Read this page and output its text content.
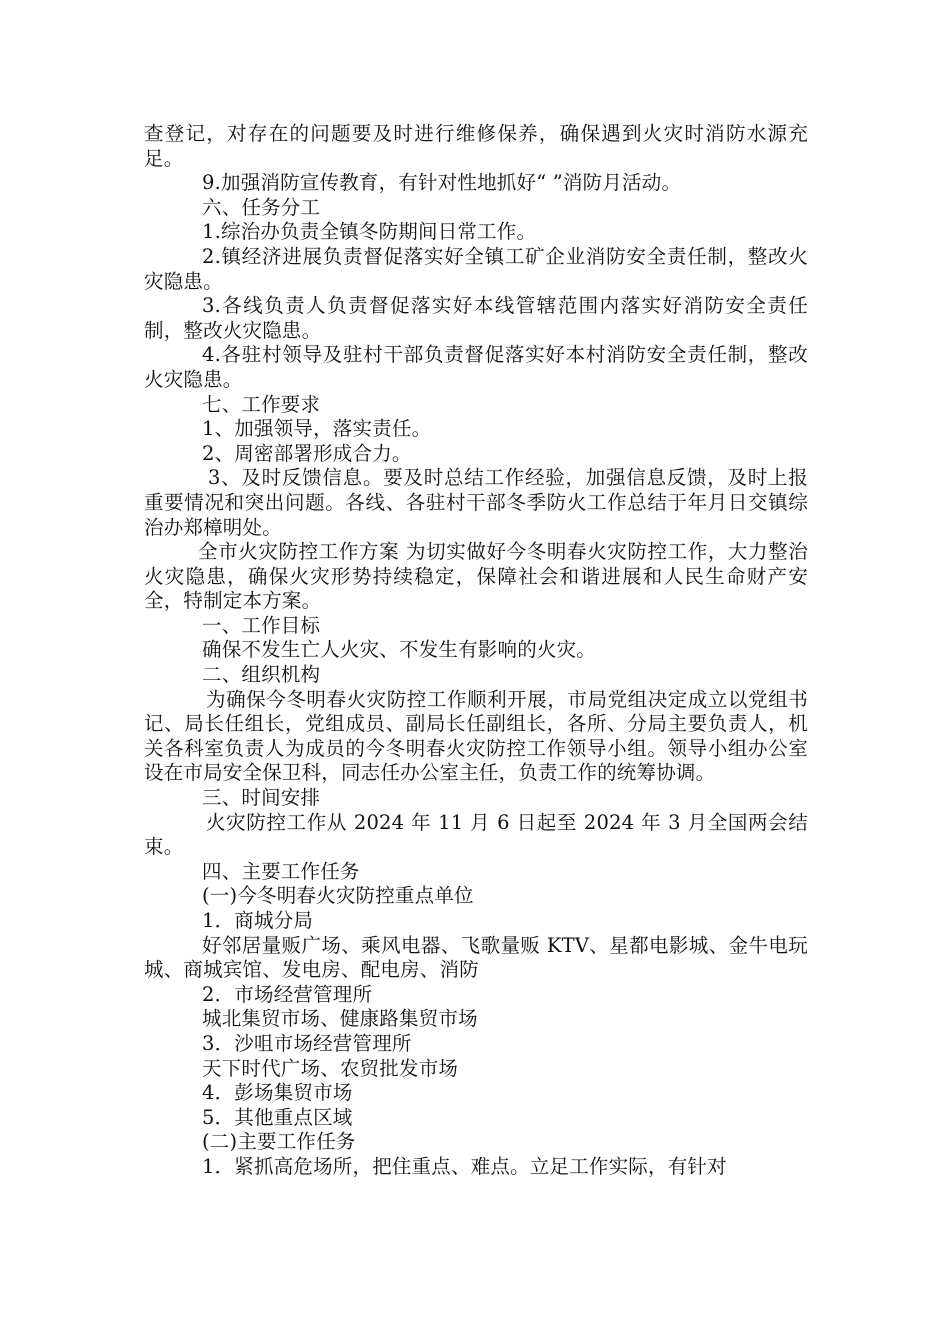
查登记，对存在的问题要及时进行维修保养，确保遇到火灾时消防水源充足。

9.加强消防宣传教育，有针对性地抓好“ ”消防月活动。

六、任务分工

1.综治办负责全镇冬防期间日常工作。

2.镇经济进展负责督促落实好全镇工矿企业消防安全责任制，整改火灾隐患。

3.各线负责人负责督促落实好本线管辖范围内落实好消防安全责任制，整改火灾隐患。

4.各驻村领导及驻村干部负责督促落实好本村消防安全责任制，整改火灾隐患。

七、工作要求

1、加强领导，落实责任。

2、周密部署形成合力。

3、及时反馈信息。要及时总结工作经验，加强信息反馈，及时上报重要情况和突出问题。各线、各驻村干部冬季防火工作总结于年月日交镇综治办郑樟明处。

全市火灾防控工作方案 为切实做好今冬明春火灾防控工作，大力整治火灾隐患，确保火灾形势持续稳定，保障社会和谐进展和人民生命财产安全，特制定本方案。

一、工作目标

确保不发生亡人火灾、不发生有影响的火灾。

二、组织机构

为确保今冬明春火灾防控工作顺利开展，市局党组决定成立以党组书记、局长任组长，党组成员、副局长任副组长，各所、分局主要负责人，机关各科室负责人为成员的今冬明春火灾防控工作领导小组。领导小组办公室设在市局安全保卫科，同志任办公室主任，负责工作的统筹协调。

三、时间安排

火灾防控工作从 2024 年 11 月 6 日起至 2024 年 3 月全国两会结束。

四、主要工作任务

(一)今冬明春火灾防控重点单位

1．商城分局

好邻居量贩广场、乘风电器、飞歌量贩 KTV、星都电影城、金牛电玩城、商城宾馆、发电房、配电房、消防

2．市场经营管理所

城北集贸市场、健康路集贸市场

3．沙咀市场经营管理所

天下时代广场、农贸批发市场

4．彭场集贸市场

5．其他重点区域

(二)主要工作任务

1．紧抓高危场所，把住重点、难点。立足工作实际，有针对
